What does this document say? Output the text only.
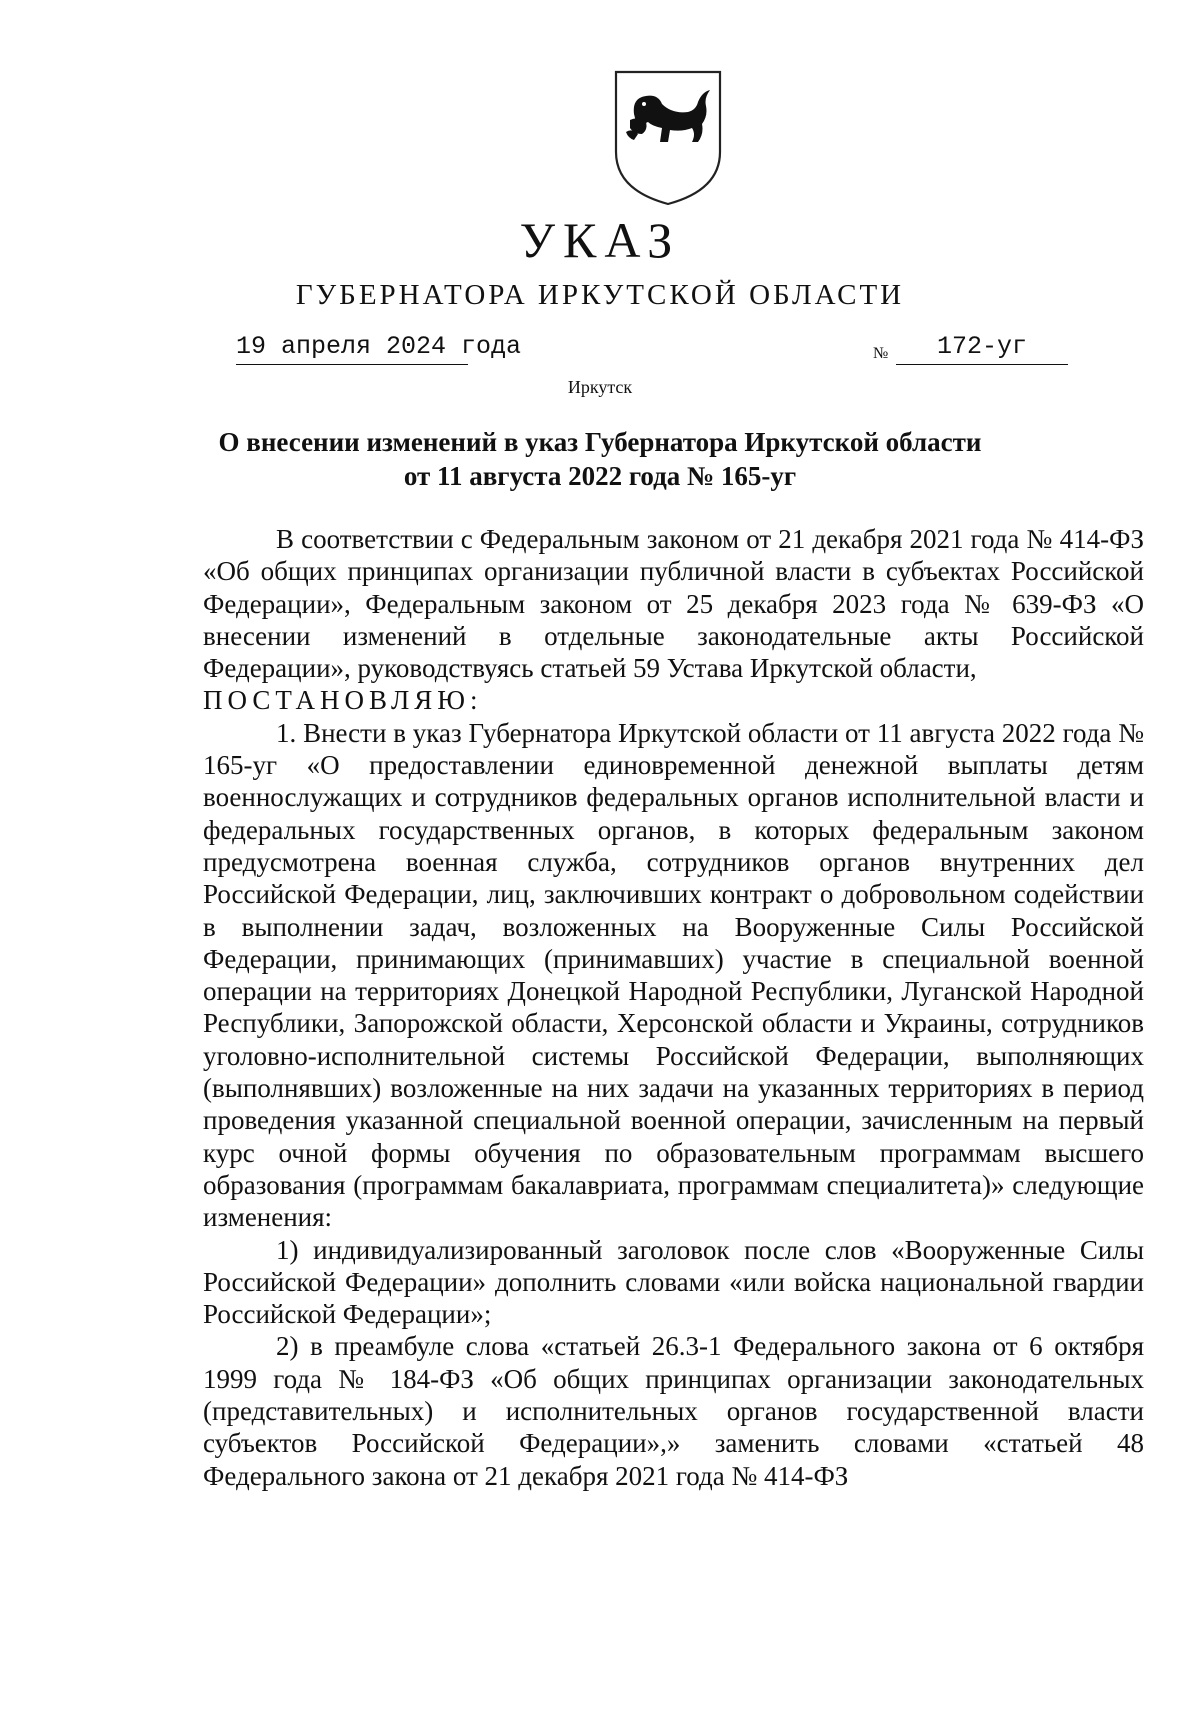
УКАЗ
ГУБЕРНАТОРА ИРКУТСКОЙ ОБЛАСТИ
19 апреля 2024 года	№	172-уг
Иркутск
О внесении изменений в указ Губернатора Иркутской области
от 11 августа 2022 года № 165-уг

В соответствии с Федеральным законом от 21 декабря 2021 года № 414-ФЗ «Об общих принципах организации публичной власти в субъектах Российской Федерации», Федеральным законом от 25 декабря 2023 года № 639-ФЗ «О внесении изменений в отдельные законодательные акты Российской Федерации», руководствуясь статьей 59 Устава Иркутской области,

ПОСТАНОВЛЯЮ:

1. Внести в указ Губернатора Иркутской области от 11 августа 2022 года № 165-уг «О предоставлении единовременной денежной выплаты детям военнослужащих и сотрудников федеральных органов исполнительной власти и федеральных государственных органов, в которых федеральным законом предусмотрена военная служба, сотрудников органов внутренних дел Российской Федерации, лиц, заключивших контракт о добровольном содействии в выполнении задач, возложенных на Вооруженные Силы Российской Федерации, принимающих (принимавших) участие в специальной военной операции на территориях Донецкой Народной Республики, Луганской Народной Республики, Запорожской области, Херсонской области и Украины, сотрудников уголовно-исполнительной системы Российской Федерации, выполняющих (выполнявших) возложенные на них задачи на указанных территориях в период проведения указанной специальной военной операции, зачисленным на первый курс очной формы обучения по образовательным программам высшего образования (программам бакалавриата, программам специалитета)» следующие изменения:

1) индивидуализированный заголовок после слов «Вооруженные Силы Российской Федерации» дополнить словами «или войска национальной гвардии Российской Федерации»;

2) в преамбуле слова «статьей 26.3-1 Федерального закона от 6 октября 1999 года № 184-ФЗ «Об общих принципах организации законодательных (представительных) и исполнительных органов государственной власти субъектов Российской Федерации»,» заменить словами «статьей 48 Федерального закона от 21 декабря 2021 года № 414-ФЗ
